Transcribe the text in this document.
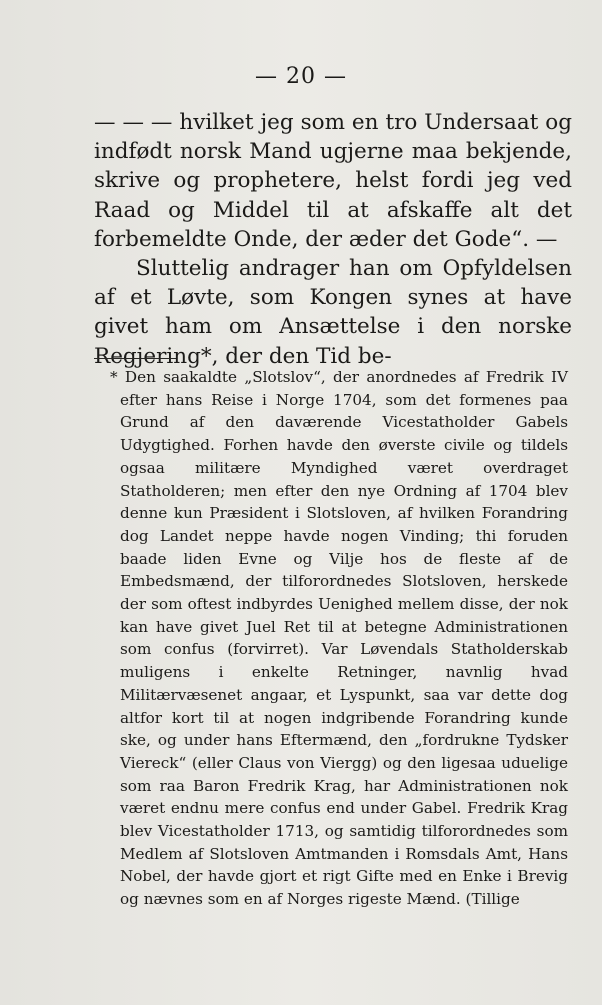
— 20 —

— — — hvilket jeg som en tro Undersaat og indfødt norsk Mand ugjerne maa bekjende, skrive og prophetere, helst fordi jeg ved Raad og Middel til at afskaffe alt det forbemeldte Onde, der æder det Gode“. —

Sluttelig andrager han om Opfyldelsen af et Løvte, som Kongen synes at have givet ham om Ansættelse i den norske Regjering*, der den Tid be-

* Den saakaldte „Slotslov“, der anordnedes af Fredrik IV efter hans Reise i Norge 1704, som det formenes paa Grund af den daværende Vicestatholder Gabels Udygtighed. Forhen havde den øverste civile og tildels ogsaa militære Myndighed været overdraget Statholderen; men efter den nye Ordning af 1704 blev denne kun Præsident i Slotsloven, af hvilken Forandring dog Landet neppe havde nogen Vinding; thi foruden baade liden Evne og Vilje hos de fleste af de Embedsmænd, der tilforordnedes Slotsloven, herskede der som oftest indbyrdes Uenighed mellem disse, der nok kan have givet Juel Ret til at betegne Administrationen som confus (forvirret). Var Løvendals Statholderskab muligens i enkelte Retninger, navnlig hvad Militærvæsenet angaar, et Lyspunkt, saa var dette dog altfor kort til at nogen indgribende Forandring kunde ske, og under hans Eftermænd, den „fordrukne Tydsker Viereck“ (eller Claus von Viergg) og den ligesaa uduelige som raa Baron Fredrik Krag, har Administrationen nok været endnu mere confus end under Gabel. Fredrik Krag blev Vicestatholder 1713, og samtidig tilforordnedes som Medlem af Slotsloven Amtmanden i Romsdals Amt, Hans Nobel, der havde gjort et rigt Gifte med en Enke i Brevig og nævnes som en af Norges rigeste Mænd. (Tillige
